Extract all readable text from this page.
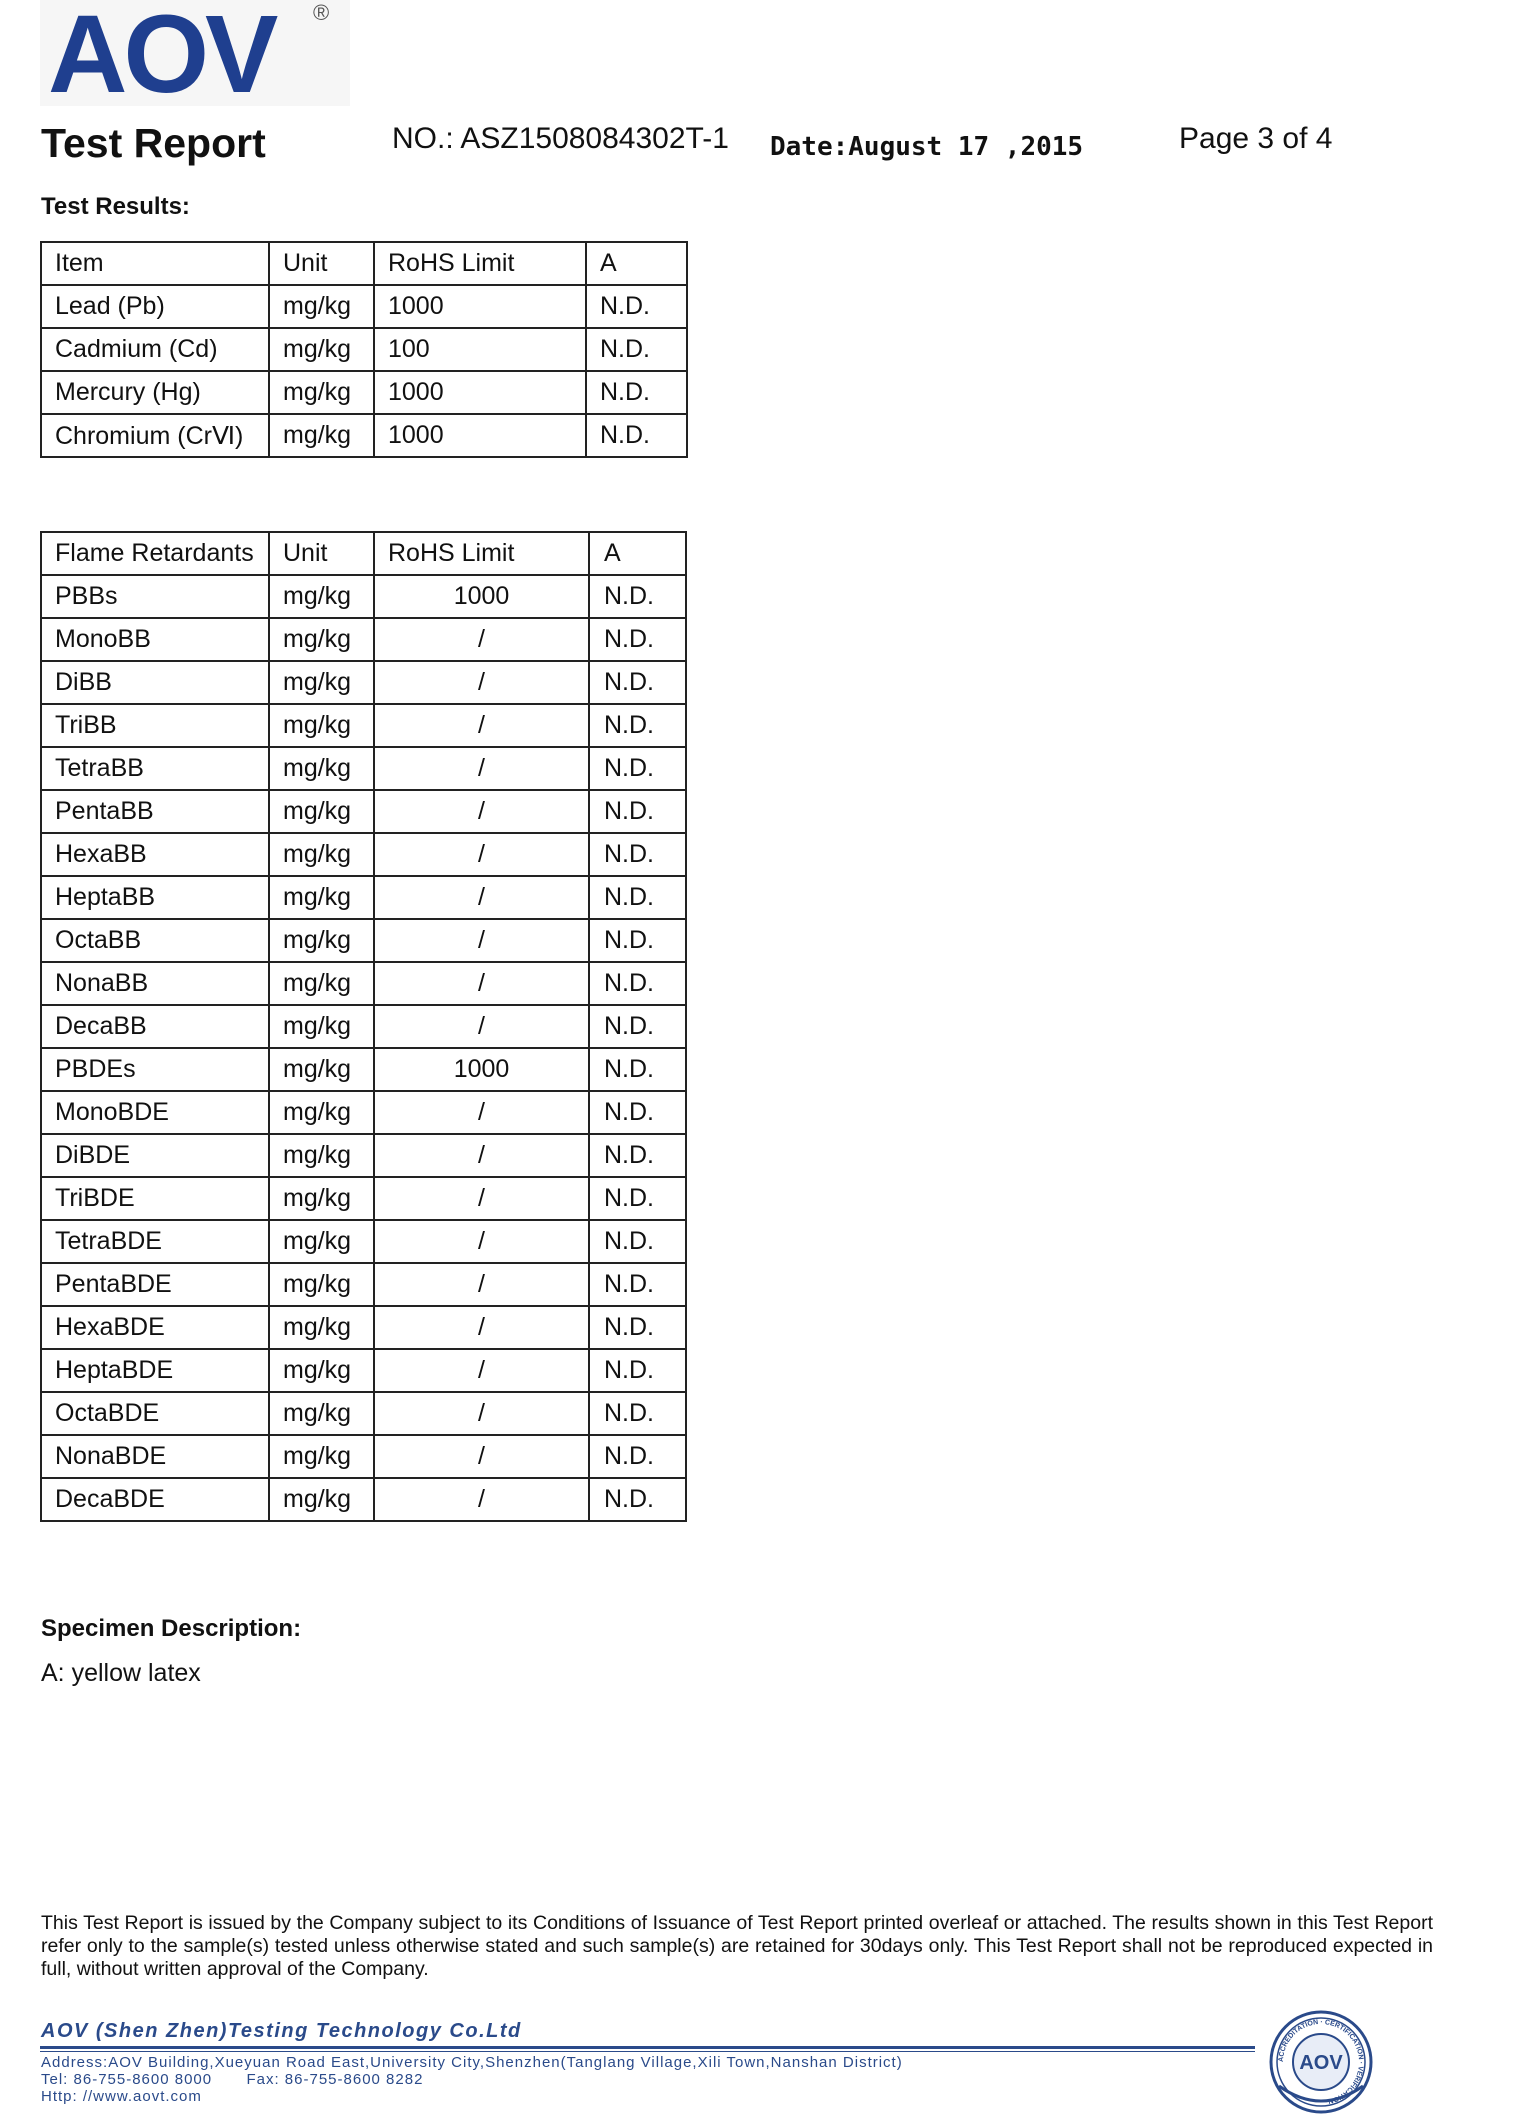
AOV ®
Test Report	NO.: ASZ1508084302T-1 Date:August 17 ,2015	Page 3 of 4
Test Results:
Item	Unit	RoHS Limit	A
Lead (Pb)	mg/kg	1000	N.D.
Cadmium (Cd)	mg/kg	100	N.D.
Mercury (Hg)	mg/kg	1000	N.D.
Chromium (CrⅥ)	mg/kg	1000	N.D.
Flame Retardants	Unit	RoHS Limit	A
PBBs	mg/kg	1000	N.D.
MonoBB	mg/kg	/	N.D.
DiBB	mg/kg	/	N.D.
TriBB	mg/kg	/	N.D.
TetraBB	mg/kg	/	N.D.
PentaBB	mg/kg	/	N.D.
HexaBB	mg/kg	/	N.D.
HeptaBB	mg/kg	/	N.D.
OctaBB	mg/kg	/	N.D.
NonaBB	mg/kg	/	N.D.
DecaBB	mg/kg	/	N.D.
PBDEs	mg/kg	1000	N.D.
MonoBDE	mg/kg	/	N.D.
DiBDE	mg/kg	/	N.D.
TriBDE	mg/kg	/	N.D.
TetraBDE	mg/kg	/	N.D.
PentaBDE	mg/kg	/	N.D.
HexaBDE	mg/kg	/	N.D.
HeptaBDE	mg/kg	/	N.D.
OctaBDE	mg/kg	/	N.D.
NonaBDE	mg/kg	/	N.D.
DecaBDE	mg/kg	/	N.D.
Specimen Description:
A: yellow latex
This Test Report is issued by the Company subject to its Conditions of Issuance of Test Report printed overleaf or attached. The results shown in this Test Report refer only to the sample(s) tested unless otherwise stated and such sample(s) are retained for 30days only. This Test Report shall not be reproduced expected in full, without written approval of the Company.
AOV (Shen Zhen)Testing Technology Co.Ltd
Address:AOV Building,Xueyuan Road East,University City,Shenzhen(Tanglang Village,Xili Town,Nanshan District)
Tel: 86-755-8600 8000 Fax: 86-755-8600 8282
Http: //www.aovt.com
ACCREDITATION · CERTIFICATION · VERIFICATION
AOV
